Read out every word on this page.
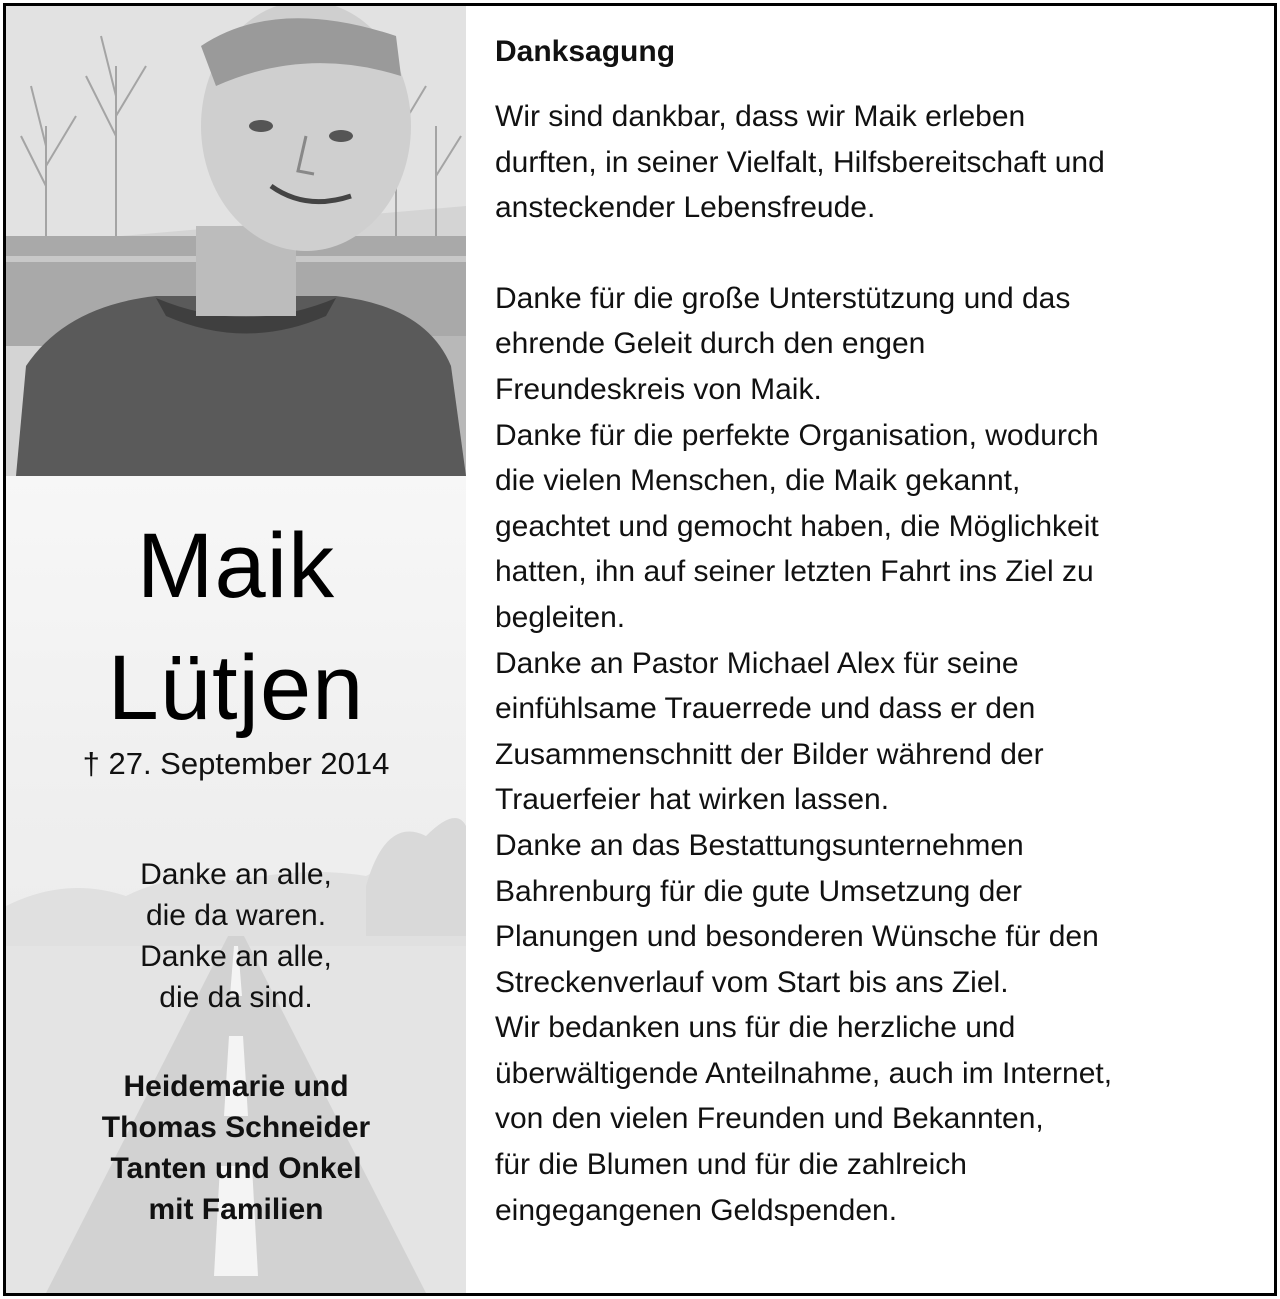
Maik
Lütjen
† 27. September 2014
Danke an alle,
die da waren.
Danke an alle,
die da sind.
Heidemarie und
Thomas Schneider
Tanten und Onkel
mit Familien
Danksagung
Wir sind dankbar, dass wir Maik erleben
durften, in seiner Vielfalt, Hilfsbereitschaft und
ansteckender Lebensfreude.
Danke für die große Unterstützung und das
ehrende Geleit durch den engen
Freundeskreis von Maik.
Danke für die perfekte Organisation, wodurch
die vielen Menschen, die Maik gekannt,
geachtet und gemocht haben, die Möglichkeit
hatten, ihn auf seiner letzten Fahrt ins Ziel zu
begleiten.
Danke an Pastor Michael Alex für seine
einfühlsame Trauerrede und dass er den
Zusammenschnitt der Bilder während der
Trauerfeier hat wirken lassen.
Danke an das Bestattungsunternehmen
Bahrenburg für die gute Umsetzung der
Planungen und besonderen Wünsche für den
Streckenverlauf vom Start bis ans Ziel.
Wir bedanken uns für die herzliche und
überwältigende Anteilnahme, auch im Internet,
von den vielen Freunden und Bekannten,
für die Blumen und für die zahlreich
eingegangenen Geldspenden.
